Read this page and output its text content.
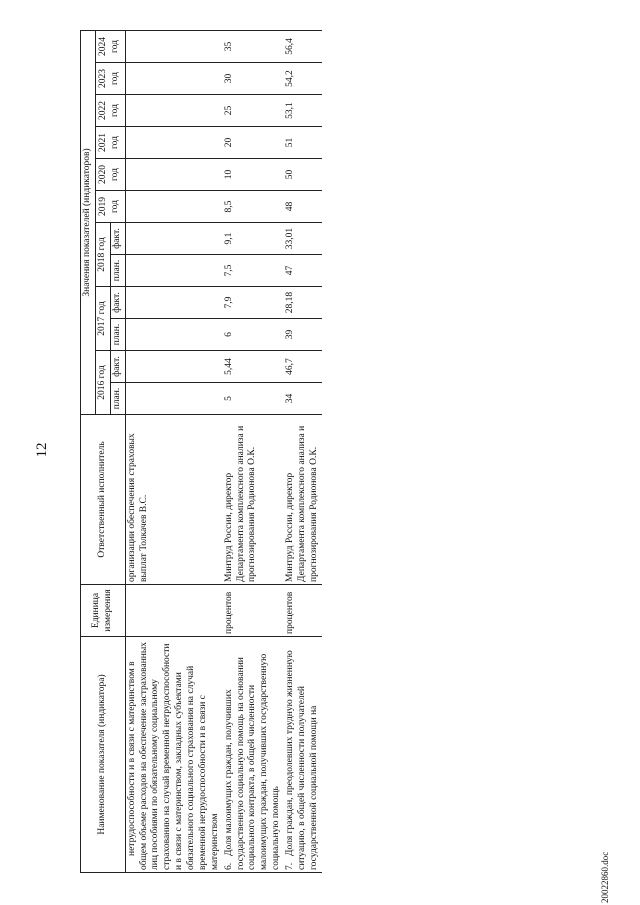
12
Наименование показателя (индикатора)	Единица измерения	Ответственный исполнитель	Значения показателей (индикаторов)											
			2016 год		2017 год		2018 год		2019 год	2020 год	2021 год	2022 год	2023 год	2024 год
			план.	факт.	план.	факт.	план.	факт.						
нетрудоспособности и в связи с материнством в общем объеме расходов на обеспечение застрахованных лиц пособиями по обязательному социальному страхованию на случай временной нетрудоспособности и в связи с материнством, закладных субъектами обязательного социального страхования на случай временной нетрудоспособности и в связи с материнством		организации обеспечения страховых выплат Толкачев В.С.												
6.Доля малоимущих граждан, получивших государственную социальную помощь на основании социального контракта, в общей численности малоимущих граждан, получивших государственную социальную помощь	процентов	Минтруд России, директор Департамента комплексного анализа и прогнозирования Родионова О.К.	5	5,44	6	7,9	7,5	9,1	8,5	10	20	25	30	35
7.Доля граждан, преодолевших трудную жизненную ситуацию, в общей численности получателей государственной социальной помощи на	процентов	Минтруд России, директор Департамента комплексного анализа и прогнозирования Родионова О.К.	34	46,7	39	28,18	47	33,01	48	50	51	53,1	54,2	56,4
20022860.doc
